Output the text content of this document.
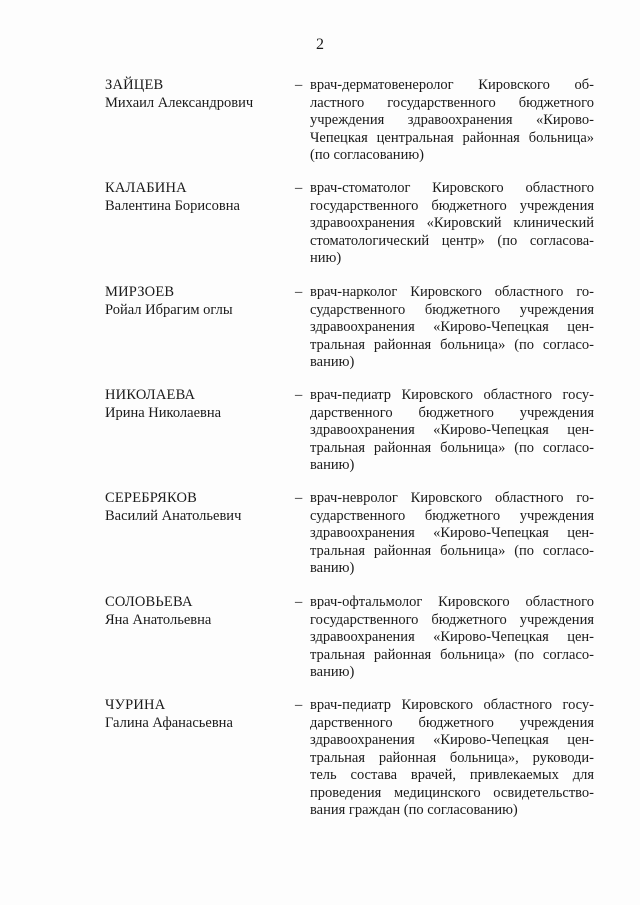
2
ЗАЙЦЕВ
Михаил Александрович
– врач-дерматовенеролог Кировского об-
ластного государственного бюджетного
учреждения здравоохранения «Кирово-
Чепецкая центральная районная больница»
(по согласованию)
КАЛАБИНА
Валентина Борисовна
– врач-стоматолог Кировского областного
государственного бюджетного учреждения
здравоохранения «Кировский клинический
стоматологический центр» (по согласова-
нию)
МИРЗОЕВ
Ройал Ибрагим оглы
– врач-нарколог Кировского областного го-
сударственного бюджетного учреждения
здравоохранения «Кирово-Чепецкая цен-
тральная районная больница» (по согласо-
ванию)
НИКОЛАЕВА
Ирина Николаевна
– врач-педиатр Кировского областного госу-
дарственного бюджетного учреждения
здравоохранения «Кирово-Чепецкая цен-
тральная районная больница» (по согласо-
ванию)
СЕРЕБРЯКОВ
Василий Анатольевич
– врач-невролог Кировского областного го-
сударственного бюджетного учреждения
здравоохранения «Кирово-Чепецкая цен-
тральная районная больница» (по согласо-
ванию)
СОЛОВЬЕВА
Яна Анатольевна
– врач-офтальмолог Кировского областного
государственного бюджетного учреждения
здравоохранения «Кирово-Чепецкая цен-
тральная районная больница» (по согласо-
ванию)
ЧУРИНА
Галина Афанасьевна
– врач-педиатр Кировского областного госу-
дарственного бюджетного учреждения
здравоохранения «Кирово-Чепецкая цен-
тральная районная больница», руководи-
тель состава врачей, привлекаемых для
проведения медицинского освидетельство-
вания граждан (по согласованию)
